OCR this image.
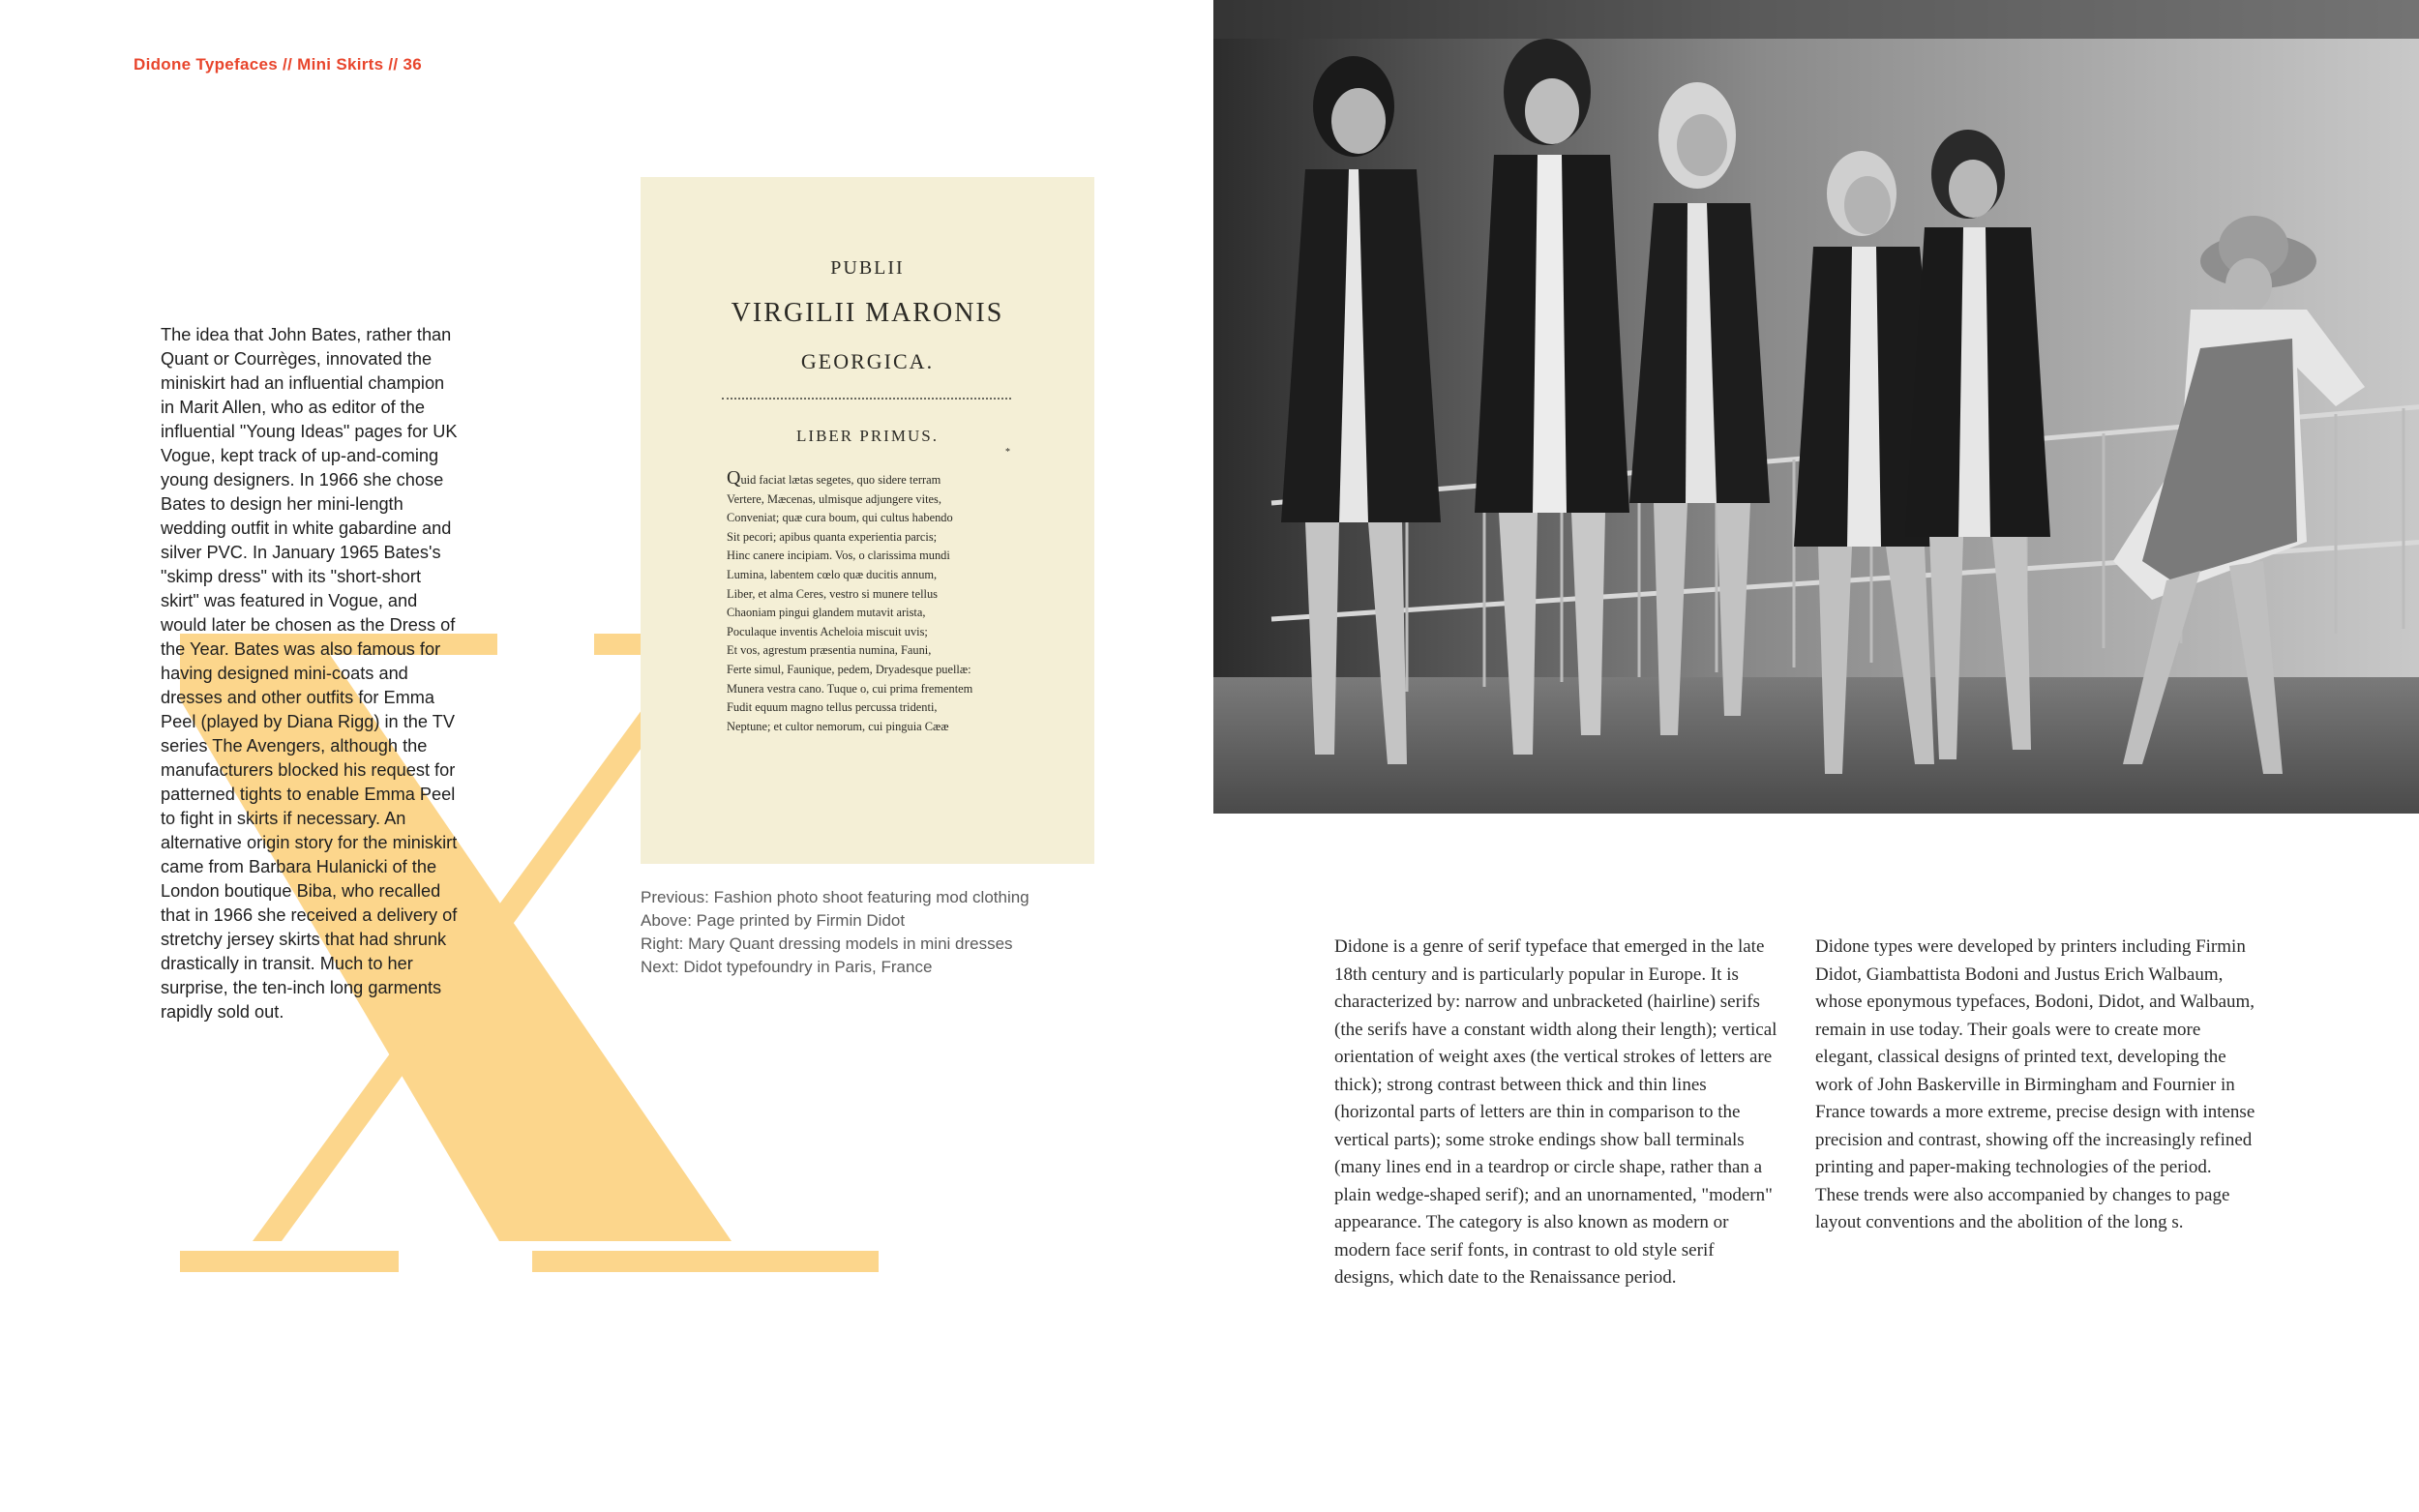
Didone Typefaces // Mini Skirts // 36
The idea that John Bates, rather than Quant or Courrèges, innovated the miniskirt had an influential champion in Marit Allen, who as editor of the influential "Young Ideas" pages for UK Vogue, kept track of up-and-coming young designers. In 1966 she chose Bates to design her mini-length wedding outfit in white gabardine and silver PVC. In January 1965 Bates's "skimp dress" with its "short-short skirt" was featured in Vogue, and would later be chosen as the Dress of the Year. Bates was also famous for having designed mini-coats and dresses and other outfits for Emma Peel (played by Diana Rigg) in the TV series The Avengers, although the manufacturers blocked his request for patterned tights to enable Emma Peel to fight in skirts if necessary. An alternative origin story for the miniskirt came from Barbara Hulanicki of the London boutique Biba, who recalled that in 1966 she received a delivery of stretchy jersey skirts that had shrunk drastically in transit. Much to her surprise, the ten-inch long garments rapidly sold out.
PUBLII
VIRGILII MARONIS
GEORGICA.
LIBER PRIMUS.
*
Quid faciat lætas segetes, quo sidere terram
Vertere, Mæcenas, ulmisque adjungere vites,
Conveniat; quæ cura boum, qui cultus habendo
Sit pecori; apibus quanta experientia parcis;
Hinc canere incipiam. Vos, o clarissima mundi
Lumina, labentem cœlo quæ ducitis annum,
Liber, et alma Ceres, vestro si munere tellus
Chaoniam pingui glandem mutavit arista,
Poculaque inventis Acheloia miscuit uvis;
Et vos, agrestum præsentia numina, Fauni,
Ferte simul, Faunique, pedem, Dryadesque puellæ:
Munera vestra cano. Tuque o, cui prima frementem
Fudit equum magno tellus percussa tridenti,
Neptune; et cultor nemorum, cui pinguia Cææ
Previous: Fashion photo shoot featuring mod clothing
Above: Page printed by Firmin Didot
Right: Mary Quant dressing models in mini dresses
Next: Didot typefoundry in Paris, France
Didone is a genre of serif typeface that emerged in the late 18th century and is particularly popular in Europe. It is characterized by: narrow and unbracketed (hairline) serifs (the serifs have a constant width along their length); vertical orientation of weight axes (the vertical strokes of letters are thick); strong contrast between thick and thin lines (horizontal parts of letters are thin in comparison to the vertical parts); some stroke endings show ball terminals (many lines end in a teardrop or circle shape, rather than a plain wedge-shaped serif); and an unornamented, "modern" appearance. The category is also known as modern or modern face serif fonts, in contrast to old style serif designs, which date to the Renaissance period.
Didone types were developed by printers including Firmin Didot, Giambattista Bodoni and Justus Erich Walbaum, whose eponymous typefaces, Bodoni, Didot, and Walbaum, remain in use today. Their goals were to create more elegant, classical designs of printed text, developing the work of John Baskerville in Birmingham and Fournier in France towards a more extreme, precise design with intense precision and contrast, showing off the increasingly refined printing and paper-making technologies of the period. These trends were also accompanied by changes to page layout conventions and the abolition of the long s.
